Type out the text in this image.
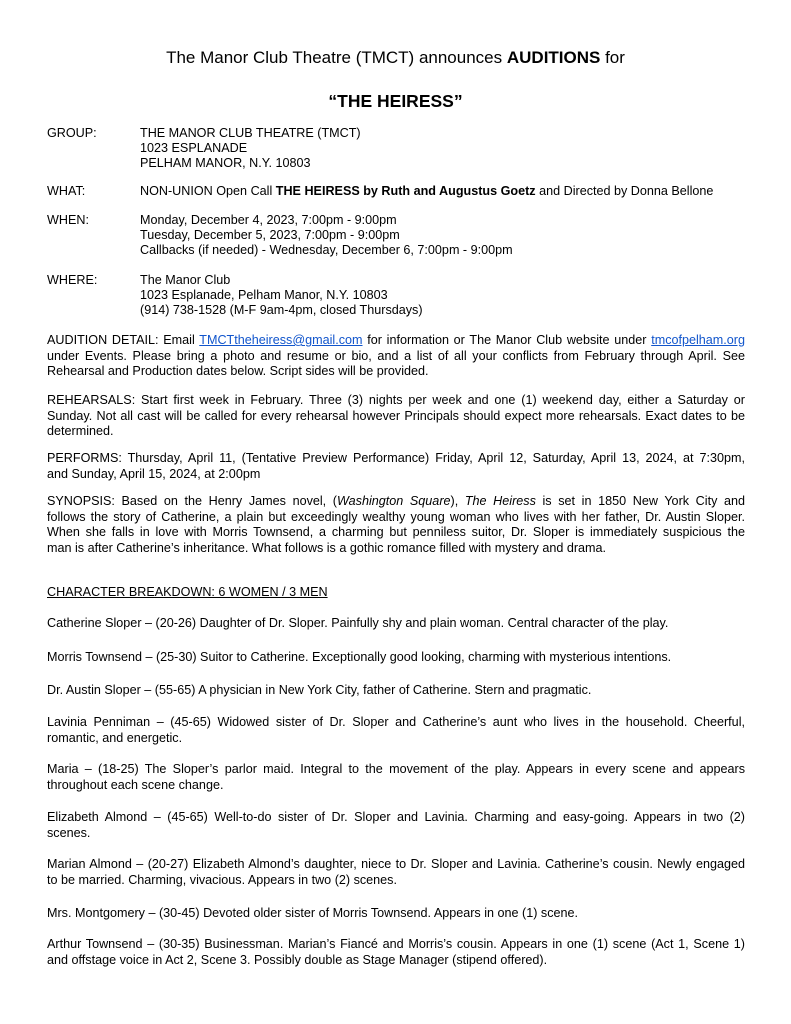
The Manor Club Theatre (TMCT) announces AUDITIONS for
“THE HEIRESS”
GROUP:	THE MANOR CLUB THEATRE (TMCT)
1023 ESPLANADE
PELHAM MANOR, N.Y. 10803
WHAT:	NON-UNION Open Call THE HEIRESS by Ruth and Augustus Goetz and Directed by Donna Bellone
WHEN:	Monday, December 4, 2023, 7:00pm - 9:00pm
Tuesday, December 5, 2023, 7:00pm - 9:00pm
Callbacks (if needed) - Wednesday, December 6, 7:00pm - 9:00pm
WHERE:	The Manor Club
1023 Esplanade, Pelham Manor, N.Y. 10803
(914) 738-1528 (M-F 9am-4pm, closed Thursdays)
AUDITION DETAIL: Email TMCTtheheiress@gmail.com for information or The Manor Club website under tmcofpelham.org
under Events. Please bring a photo and resume or bio, and a list of all your conflicts from February through April. See
Rehearsal and Production dates below. Script sides will be provided.
REHEARSALS: Start first week in February. Three (3) nights per week and one (1) weekend day, either a Saturday or
Sunday. Not all cast will be called for every rehearsal however Principals should expect more rehearsals. Exact dates to be
determined.
PERFORMS: Thursday, April 11, (Tentative Preview Performance) Friday, April 12, Saturday, April 13, 2024, at 7:30pm,
and Sunday, April 15, 2024, at 2:00pm
SYNOPSIS: Based on the Henry James novel, (Washington Square), The Heiress is set in 1850 New York City and
follows the story of Catherine, a plain but exceedingly wealthy young woman who lives with her father, Dr. Austin Sloper.
When she falls in love with Morris Townsend, a charming but penniless suitor, Dr. Sloper is immediately suspicious the
man is after Catherine’s inheritance. What follows is a gothic romance filled with mystery and drama.
CHARACTER BREAKDOWN: 6 WOMEN / 3 MEN
Catherine Sloper – (20-26) Daughter of Dr. Sloper. Painfully shy and plain woman. Central character of the play.
Morris Townsend – (25-30) Suitor to Catherine. Exceptionally good looking, charming with mysterious intentions.
Dr. Austin Sloper – (55-65) A physician in New York City, father of Catherine. Stern and pragmatic.
Lavinia Penniman – (45-65) Widowed sister of Dr. Sloper and Catherine’s aunt who lives in the household. Cheerful,
romantic, and energetic.
Maria – (18-25) The Sloper’s parlor maid. Integral to the movement of the play. Appears in every scene and appears
throughout each scene change.
Elizabeth Almond – (45-65) Well-to-do sister of Dr. Sloper and Lavinia. Charming and easy-going. Appears in two (2)
scenes.
Marian Almond – (20-27) Elizabeth Almond’s daughter, niece to Dr. Sloper and Lavinia. Catherine’s cousin. Newly engaged
to be married. Charming, vivacious. Appears in two (2) scenes.
Mrs. Montgomery – (30-45) Devoted older sister of Morris Townsend. Appears in one (1) scene.
Arthur Townsend – (30-35) Businessman. Marian’s Fiancé and Morris’s cousin. Appears in one (1) scene (Act 1, Scene 1)
and offstage voice in Act 2, Scene 3. Possibly double as Stage Manager (stipend offered).
